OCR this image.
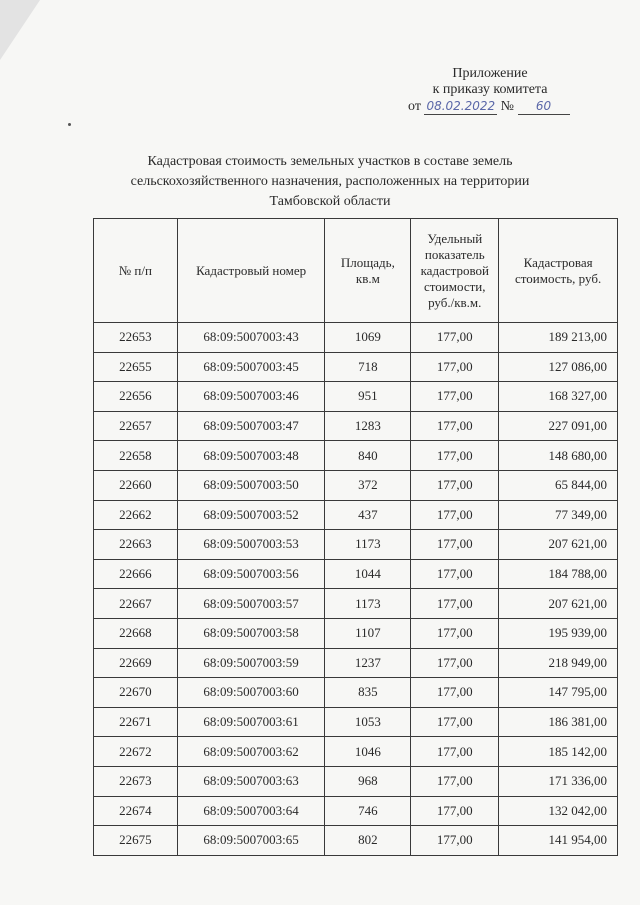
Приложение
к приказу комитета
от 08.02.2022 № 60
Кадастровая стоимость земельных участков в составе земель
сельскохозяйственного назначения, расположенных на территории
Тамбовской области
№ п/п	Кадастровый номер	Площадь, кв.м	Удельный показатель кадастровой стоимости, руб./кв.м.	Кадастровая стоимость, руб.
22653	68:09:5007003:43	1069	177,00	189 213,00
22655	68:09:5007003:45	718	177,00	127 086,00
22656	68:09:5007003:46	951	177,00	168 327,00
22657	68:09:5007003:47	1283	177,00	227 091,00
22658	68:09:5007003:48	840	177,00	148 680,00
22660	68:09:5007003:50	372	177,00	65 844,00
22662	68:09:5007003:52	437	177,00	77 349,00
22663	68:09:5007003:53	1173	177,00	207 621,00
22666	68:09:5007003:56	1044	177,00	184 788,00
22667	68:09:5007003:57	1173	177,00	207 621,00
22668	68:09:5007003:58	1107	177,00	195 939,00
22669	68:09:5007003:59	1237	177,00	218 949,00
22670	68:09:5007003:60	835	177,00	147 795,00
22671	68:09:5007003:61	1053	177,00	186 381,00
22672	68:09:5007003:62	1046	177,00	185 142,00
22673	68:09:5007003:63	968	177,00	171 336,00
22674	68:09:5007003:64	746	177,00	132 042,00
22675	68:09:5007003:65	802	177,00	141 954,00
